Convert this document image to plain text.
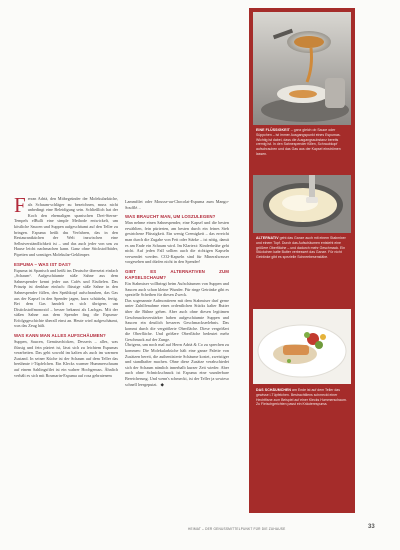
Ferran Adrià, den Mitbegründer der Molekularküche, als Schaum-schläger zu bezeichnen, muss nicht unbedingt eine Beleidigung sein. Schließlich hat der Koch den ehemaligen spanischen Drei-Sterne-Tempels elBulli eine simple Methode entwickelt, um köstliche Saucen und Suppen aufgeschäumt auf den Teller zu bringen. Espuma heißt das Verfahren, das in den Restaurantküchen der Welt inzwischen eine Selbstverständlichkeit ist – und das auch jeder von uns zu Hause leicht nachmachen kann. Ganz ohne Stickstoffbäder, Pipetten und sonstiges Molekular-Geklimper.

ESPUMA – WAS IST DAS?

Espuma ist Spanisch und heißt ins Deutsche übersetzt einfach „Schaum“. Aufgeschäumte süße Sahne aus dem Sahnespender kennt jeder aus Cafés und Eisdielen. Das Prinzip ist denkbar einfach: flüssige süße Sahne in den Sahnespender füllen, den Sprühkopf aufschrauben, das Gas aus der Kapsel in den Spender jagen, kurz schütteln, fertig. Bei dem Gas handelt es sich übrigens um Distickstoffmonoxid – besser bekannt als Lachgas. Mit der süßen Sahne aus dem Spender fing die Espuma-Erfolgsgeschichte überall einst an. Heute wird aufgeschäumt, was das Zeug hält.

WAS KANN MAN ALLES AUFSCHÄUMEN?

Suppen, Saucen, Gemüsechicken, Desserts – alles, was flüssig und fein püriert ist, lässt sich zu leichtem Espumas verarbeiten. Das geht sowohl im kalten als auch im warmen Zustand. In seiner Küche ist der Schaum auf dem Teller das berühmte i-Tüpfelchen. Ein Klecks warmer Hummerschaum auf einem Sahlingsfilet ist ein wahrer Hochgenuss. Ähnlich verhält es sich mit Rosmarin-Espuma auf rosa gebratenem

Lammfilet oder Mousse-au-Chocolat-Espuma zum Mango-Soufflé…

WAS BRAUCHT MAN, UM LOSZULEGEN?

Man nehme einen Sahnespender, eine Kapsel und die besten erwählten, fein pürierten, am besten durch ein feines Sieb gestrichene Flüssigkeit. Ein wenig Cremigkeit – das erreicht man durch die Zugabe von Fett oder Stärke – ist nötig, damit es am Ende ein Schaum wird. Im Klartext: Kinderbrühe geht nicht. Auf jeden Fall sollten auch die richtigen Kapseln verwendet werden. CO2-Kapseln sind für Mineralwasser vorgesehen und dürfen nicht in den Spender!

GIBT ES ALTERNATIVEN ZUM KAPSELSCHAUM?

Ein Stabmixer vollbringt beim Aufschäumen von Suppen und Saucen auch schon kleine Wunder. Für ringe Getränke gibt es spezielle Scheiben für diesen Zweck.

Das sogenannte Aufmontieren mit dem Stabmixer darf gerne unter Zuhilfenahme eines ordentlichen Stücks kalter Butter über die Bühne gehen. Aber auch ohne diesen legitimen Geschmacksverstärker haben aufgeschäumte Suppen und Saucen ein deutlich besseres Geschmackserlebnis. Das kommt durch die vergrößerte Oberfläche. Diese vergrößert die Oberfläche. Und größere Oberfläche bedeutet mehr Geschmack auf der Zunge.

Übrigens, um noch mal auf Herrn Adrià & Co zu sprechen zu kommen: Die Molekularküche hält eine ganze Palette von Zusätzen bereit, die authentisierte Schäume kostet, zweistiger und standhafter machen. Ohne diese Zusätze verabschiedet sich der Schaum nämlich innerhalb kurzer Zeit wieder. Aber auch ohne Schnickschnack ist Espuma eine wunderbare Bereicherung. Und wenn's schmeckt, ist der Teller ja sowieso schnell leergeputzt. ◆

EINE FLÜSSIGKEIT – ganz gleich ob Sauce oder Süppchen – ist immer Ausgangspunkt eines Espumas. Wichtig ist dabei, dass die Ausgangssubstanz bereits cremig ist. In den Sahnespender füllen, Schraubkopf aufschrauben und das Gas aus der Kapsel einströmen lassen.
ALTERNATIV geht das Ganze auch mit einem Stabmixer und einem Topf. Durch das Aufschäumen entsteht eine größere Oberfläche – und dadurch mehr Geschmack. Ein Stückchen kalte Butter verbessert das Ganze. Für nicht Getränke gibt es spezielle Schneebesenstäbe.
DAS SCHÄUMCHEN am Ende ist auf dem Teller das gewisse i-Tüpfelchen. Bestrachtliens schmeckt einer Hechtfisne zum Beispiel auf einer Klecks Hummerschaum. Zu Fleischgerichten passt ein Kräuterespuma.
HEIMAT – DER GENUSSMITTELPUNKT FÜR DIE ZUHAUSE	33
